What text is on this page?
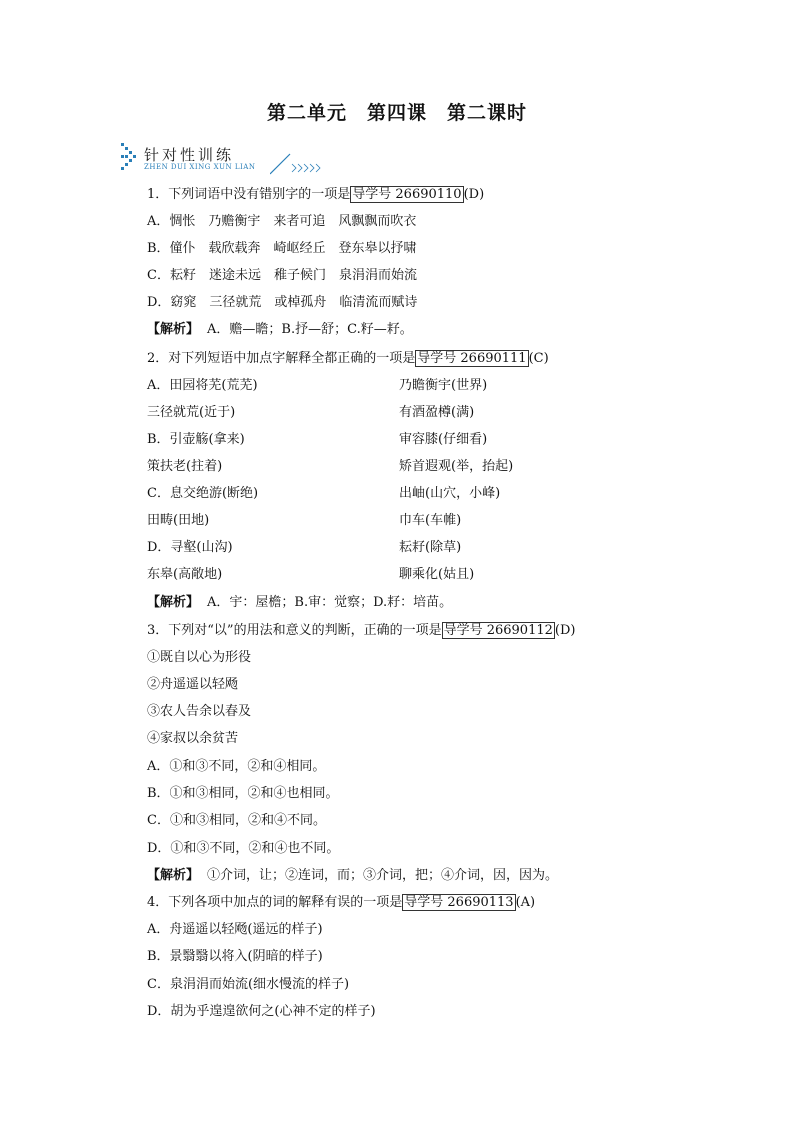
第二单元　第四课　第二课时
针对性训练
ZHEN DUI XING XUN LIAN
1．下列词语中没有错别字的一项是 导学号 26690110 (D)
A．惆怅　乃赡衡宇　来者可追　风飘飘而吹衣
B．僮仆　载欣载奔　崎岖经丘　登东皋以抒啸
C．耘籽　迷途未远　稚子候门　泉涓涓而始流
D．窈窕　三径就荒　或棹孤舟　临清流而赋诗
【解析】 A．赡—瞻；B.抒—舒；C.籽—耔。
2．对下列短语中加点字解释全都正确的一项是 导学号 26690111 (C)
A．田园将芜(荒芜)	乃瞻衡宇(世界)
三径就荒(近于)	有酒盈樽(满)
B．引壶觞(拿来)	审容膝(仔细看)
策扶老(拄着)	矫首遐观(举，抬起)
C．息交绝游(断绝)	出岫(山穴，小峰)
田畴(田地)	巾车(车帷)
D．寻壑(山沟)	耘耔(除草)
东皋(高敞地)	聊乘化(姑且)
【解析】 A．宇：屋檐；B.审：觉察；D.耔：培苗。
3．下列对“以”的用法和意义的判断，正确的一项是 导学号 26690112 (D)
①既自以心为形役
②舟遥遥以轻飏
③农人告余以春及
④家叔以余贫苦
A．①和③不同，②和④相同。
B．①和③相同，②和④也相同。
C．①和③相同，②和④不同。
D．①和③不同，②和④也不同。
【解析】 ①介词，让；②连词，而；③介词，把；④介词，因，因为。
4．下列各项中加点的词的解释有误的一项是 导学号 26690113 (A)
A．舟遥遥以轻飏(遥远的样子)
B．景翳翳以将入(阴暗的样子)
C．泉涓涓而始流(细水慢流的样子)
D．胡为乎遑遑欲何之(心神不定的样子)
